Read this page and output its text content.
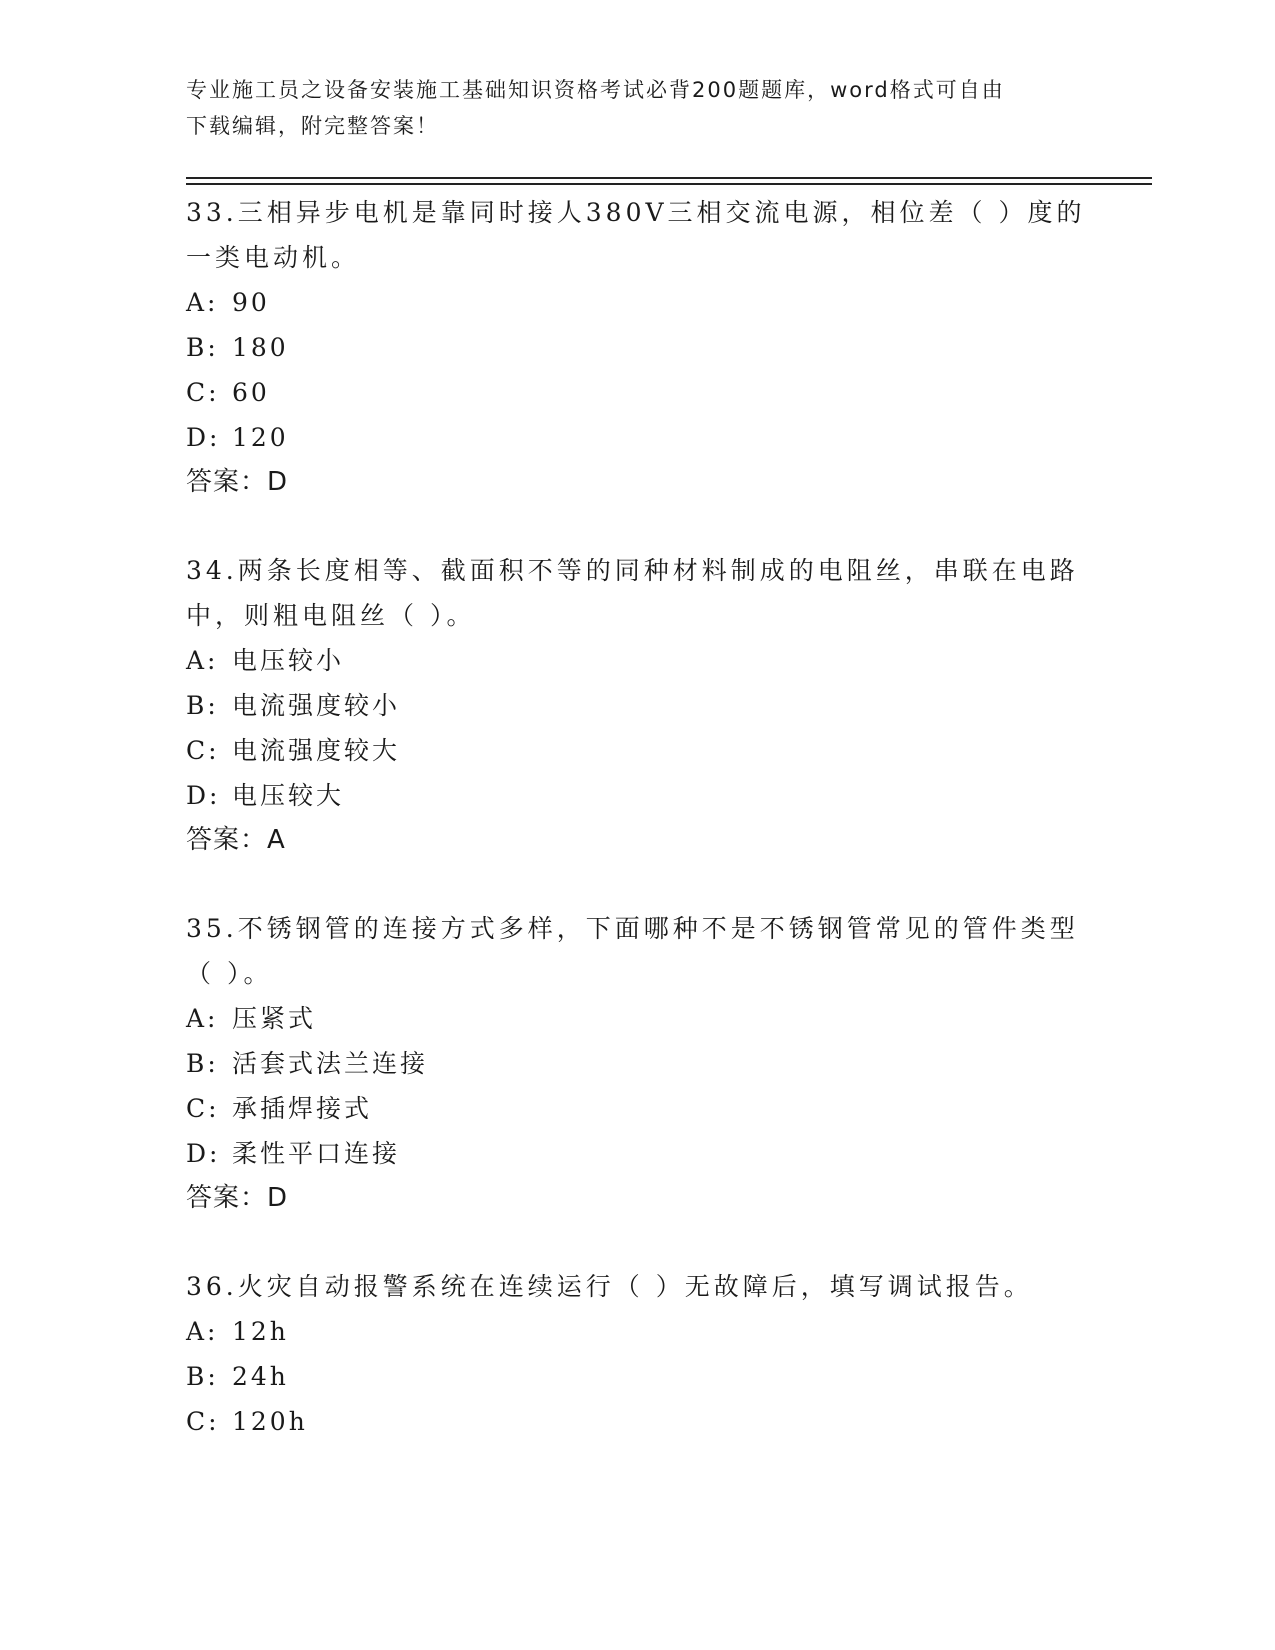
专业施工员之设备安装施工基础知识资格考试必背200题题库，word格式可自由
下载编辑，附完整答案！

33.三相异步电机是靠同时接人380V三相交流电源，相位差（ ）度的一类电动机。

A: 90
B: 180
C: 60
D: 120
答案：D

34.两条长度相等、截面积不等的同种材料制成的电阻丝，串联在电路中，则粗电阻丝（ ）。

A: 电压较小
B: 电流强度较小
C: 电流强度较大
D: 电压较大
答案：A

35.不锈钢管的连接方式多样，下面哪种不是不锈钢管常见的管件类型（ ）。

A: 压紧式
B: 活套式法兰连接
C: 承插焊接式
D: 柔性平口连接
答案：D

36.火灾自动报警系统在连续运行（ ）无故障后，填写调试报告。

A: 12h
B: 24h
C: 120h
